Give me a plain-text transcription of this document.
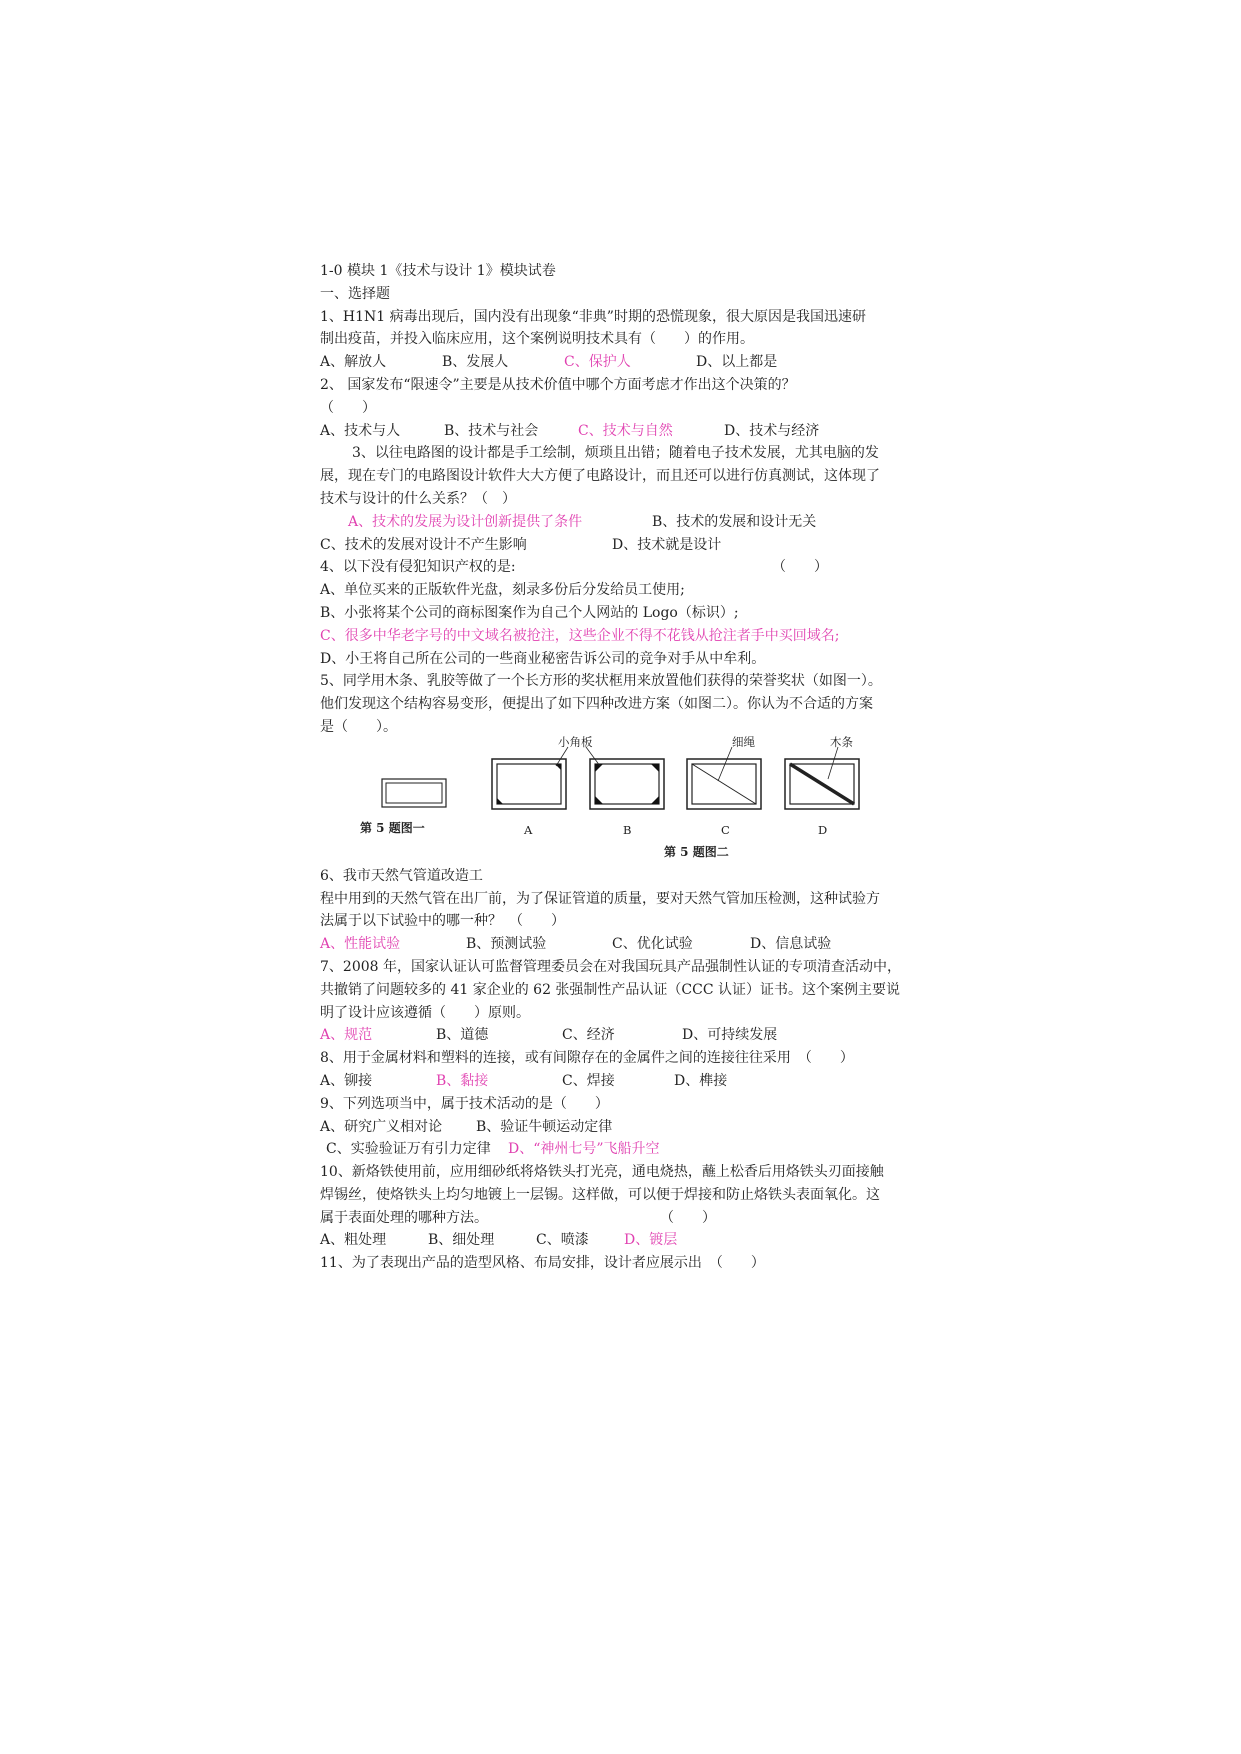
1-0 模块 1《技术与设计 1》模块试卷
一、选择题
1、H1N1 病毒出现后，国内没有出现象“非典”时期的恐慌现象，很大原因是我国迅速研
制出疫苗，并投入临床应用，这个案例说明技术具有（　　）的作用。
A、解放人	B、发展人	C、保护人	D、以上都是
2、 国家发布“限速令”主要是从技术价值中哪个方面考虑才作出这个决策的？
（　　）
A、技术与人	B、技术与社会	C、技术与自然	D、技术与经济
3、以往电路图的设计都是手工绘制，烦琐且出错；随着电子技术发展，尤其电脑的发
展，现在专门的电路图设计软件大大方便了电路设计，而且还可以进行仿真测试，这体现了
技术与设计的什么关系？（　）
A、技术的发展为设计创新提供了条件	B、技术的发展和设计无关
C、技术的发展对设计不产生影响	D、技术就是设计
4、以下没有侵犯知识产权的是:	（　　）
A、单位买来的正版软件光盘，刻录多份后分发给员工使用;
B、小张将某个公司的商标图案作为自己个人网站的 Logo（标识）;
C、很多中华老字号的中文域名被抢注，这些企业不得不花钱从抢注者手中买回域名;
D、小王将自己所在公司的一些商业秘密告诉公司的竞争对手从中牟利。
5、同学用木条、乳胶等做了一个长方形的奖状框用来放置他们获得的荣誉奖状（如图一）。
他们发现这个结构容易变形，便提出了如下四种改进方案（如图二）。你认为不合适的方案
是（　　）。
小角板	细绳	木条
第 5 题图一	A	B	C	D
第 5 题图二
6、我市天然气管道改造工
程中用到的天然气管在出厂前，为了保证管道的质量，要对天然气管加压检测，这种试验方
法属于以下试验中的哪一种？　（　　）
A、性能试验	B、预测试验	C、优化试验	D、信息试验
7、2008 年，国家认证认可监督管理委员会在对我国玩具产品强制性认证的专项清查活动中，
共撤销了问题较多的 41 家企业的 62 张强制性产品认证（CCC 认证）证书。这个案例主要说
明了设计应该遵循（　　）原则。
A、规范	B、道德	C、经济	D、可持续发展
8、用于金属材料和塑料的连接，或有间隙存在的金属件之间的连接往往采用　（　　）
A、铆接	B、黏接	C、焊接	D、榫接
9、下列选项当中，属于技术活动的是（　　）
A、研究广义相对论	B、验证牛顿运动定律
C、实验验证万有引力定律	D、“神州七号”飞船升空
10、新烙铁使用前，应用细砂纸将烙铁头打光亮，通电烧热，蘸上松香后用烙铁头刃面接触
焊锡丝，使烙铁头上均匀地镀上一层锡。这样做，可以便于焊接和防止烙铁头表面氧化。这
属于表面处理的哪种方法。	（　　）
A、粗处理	B、细处理	C、喷漆	D、镀层
11、为了表现出产品的造型风格、布局安排，设计者应展示出　（　　）
